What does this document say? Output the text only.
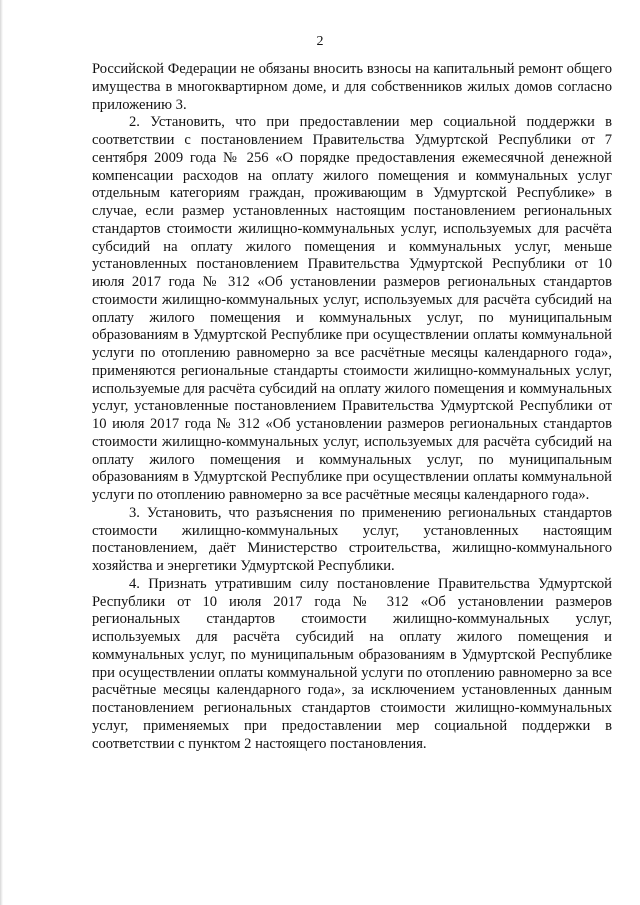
2

Российской Федерации не обязаны вносить взносы на капитальный ремонт общего имущества в многоквартирном доме, и для собственников жилых домов согласно приложению 3.

2. Установить, что при предоставлении мер социальной поддержки в соответствии с постановлением Правительства Удмуртской Республики от 7 сентября 2009 года № 256 «О порядке предоставления ежемесячной денежной компенсации расходов на оплату жилого помещения и коммунальных услуг отдельным категориям граждан, проживающим в Удмуртской Республике» в случае, если размер установленных настоящим постановлением региональных стандартов стоимости жилищно-коммунальных услуг, используемых для расчёта субсидий на оплату жилого помещения и коммунальных услуг, меньше установленных постановлением Правительства Удмуртской Республики от 10 июля 2017 года № 312 «Об установлении размеров региональных стандартов стоимости жилищно-коммунальных услуг, используемых для расчёта субсидий на оплату жилого помещения и коммунальных услуг, по муниципальным образованиям в Удмуртской Республике при осуществлении оплаты коммунальной услуги по отоплению равномерно за все расчётные месяцы календарного года», применяются региональные стандарты стоимости жилищно-коммунальных услуг, используемые для расчёта субсидий на оплату жилого помещения и коммунальных услуг, установленные постановлением Правительства Удмуртской Республики от 10 июля 2017 года № 312 «Об установлении размеров региональных стандартов стоимости жилищно-коммунальных услуг, используемых для расчёта субсидий на оплату жилого помещения и коммунальных услуг, по муниципальным образованиям в Удмуртской Республике при осуществлении оплаты коммунальной услуги по отоплению равномерно за все расчётные месяцы календарного года».

3. Установить, что разъяснения по применению региональных стандартов стоимости жилищно-коммунальных услуг, установленных настоящим постановлением, даёт Министерство строительства, жилищно-коммунального хозяйства и энергетики Удмуртской Республики.

4. Признать утратившим силу постановление Правительства Удмуртской Республики от 10 июля 2017 года № 312 «Об установлении размеров региональных стандартов стоимости жилищно-коммунальных услуг, используемых для расчёта субсидий на оплату жилого помещения и коммунальных услуг, по муниципальным образованиям в Удмуртской Республике при осуществлении оплаты коммунальной услуги по отоплению равномерно за все расчётные месяцы календарного года», за исключением установленных данным постановлением региональных стандартов стоимости жилищно-коммунальных услуг, применяемых при предоставлении мер социальной поддержки в соответствии с пунктом 2 настоящего постановления.
